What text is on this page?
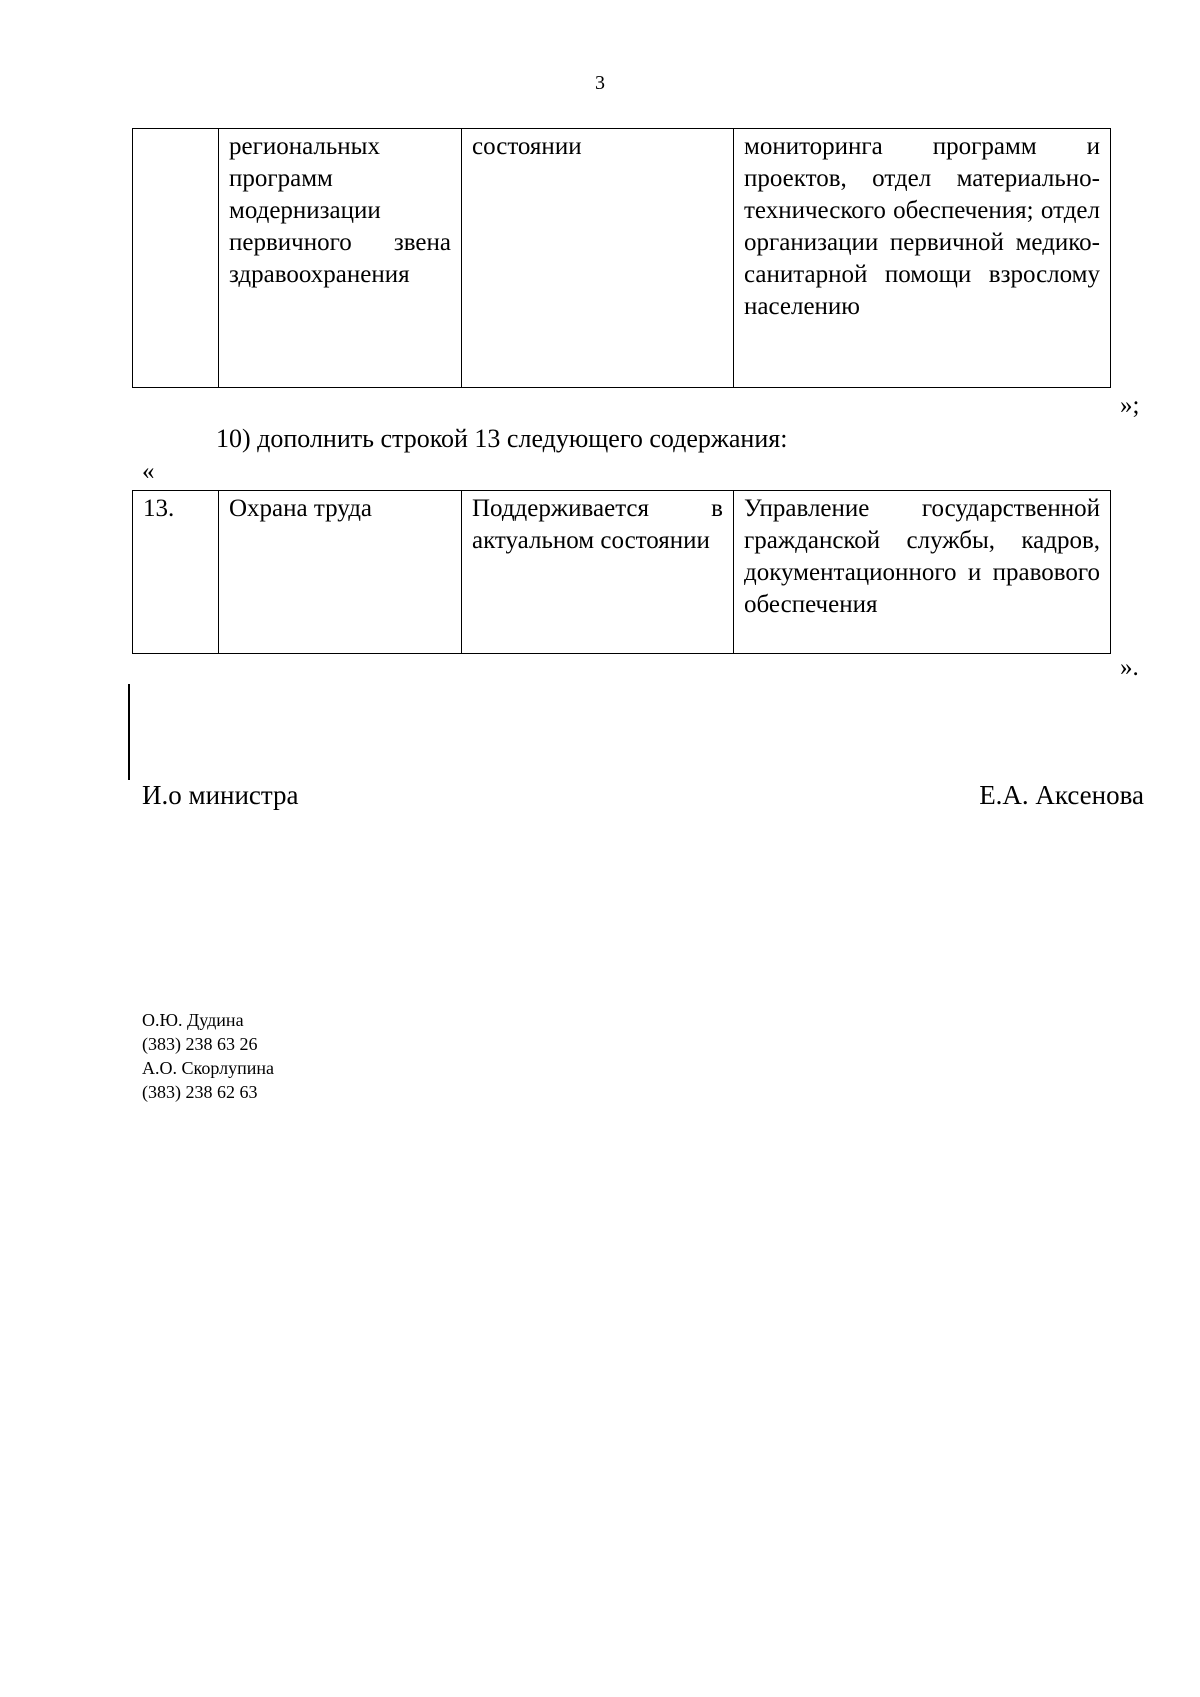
3
	региональных программ модернизации первичного звена здравоохранения	состоянии	мониторинга программ и проектов, отдел материально-технического обеспечения; отдел организации первичной медико-санитарной помощи взрослому населению
»;
10) дополнить строкой 13 следующего содержания:
«
13.	Охрана труда	Поддерживается в актуальном состоянии	Управление государственной гражданской службы, кадров, документационного и правового обеспечения
».
И.о министра	Е.А. Аксенова
О.Ю. Дудина
(383) 238 63 26
А.О. Скорлупина
(383) 238 62 63
